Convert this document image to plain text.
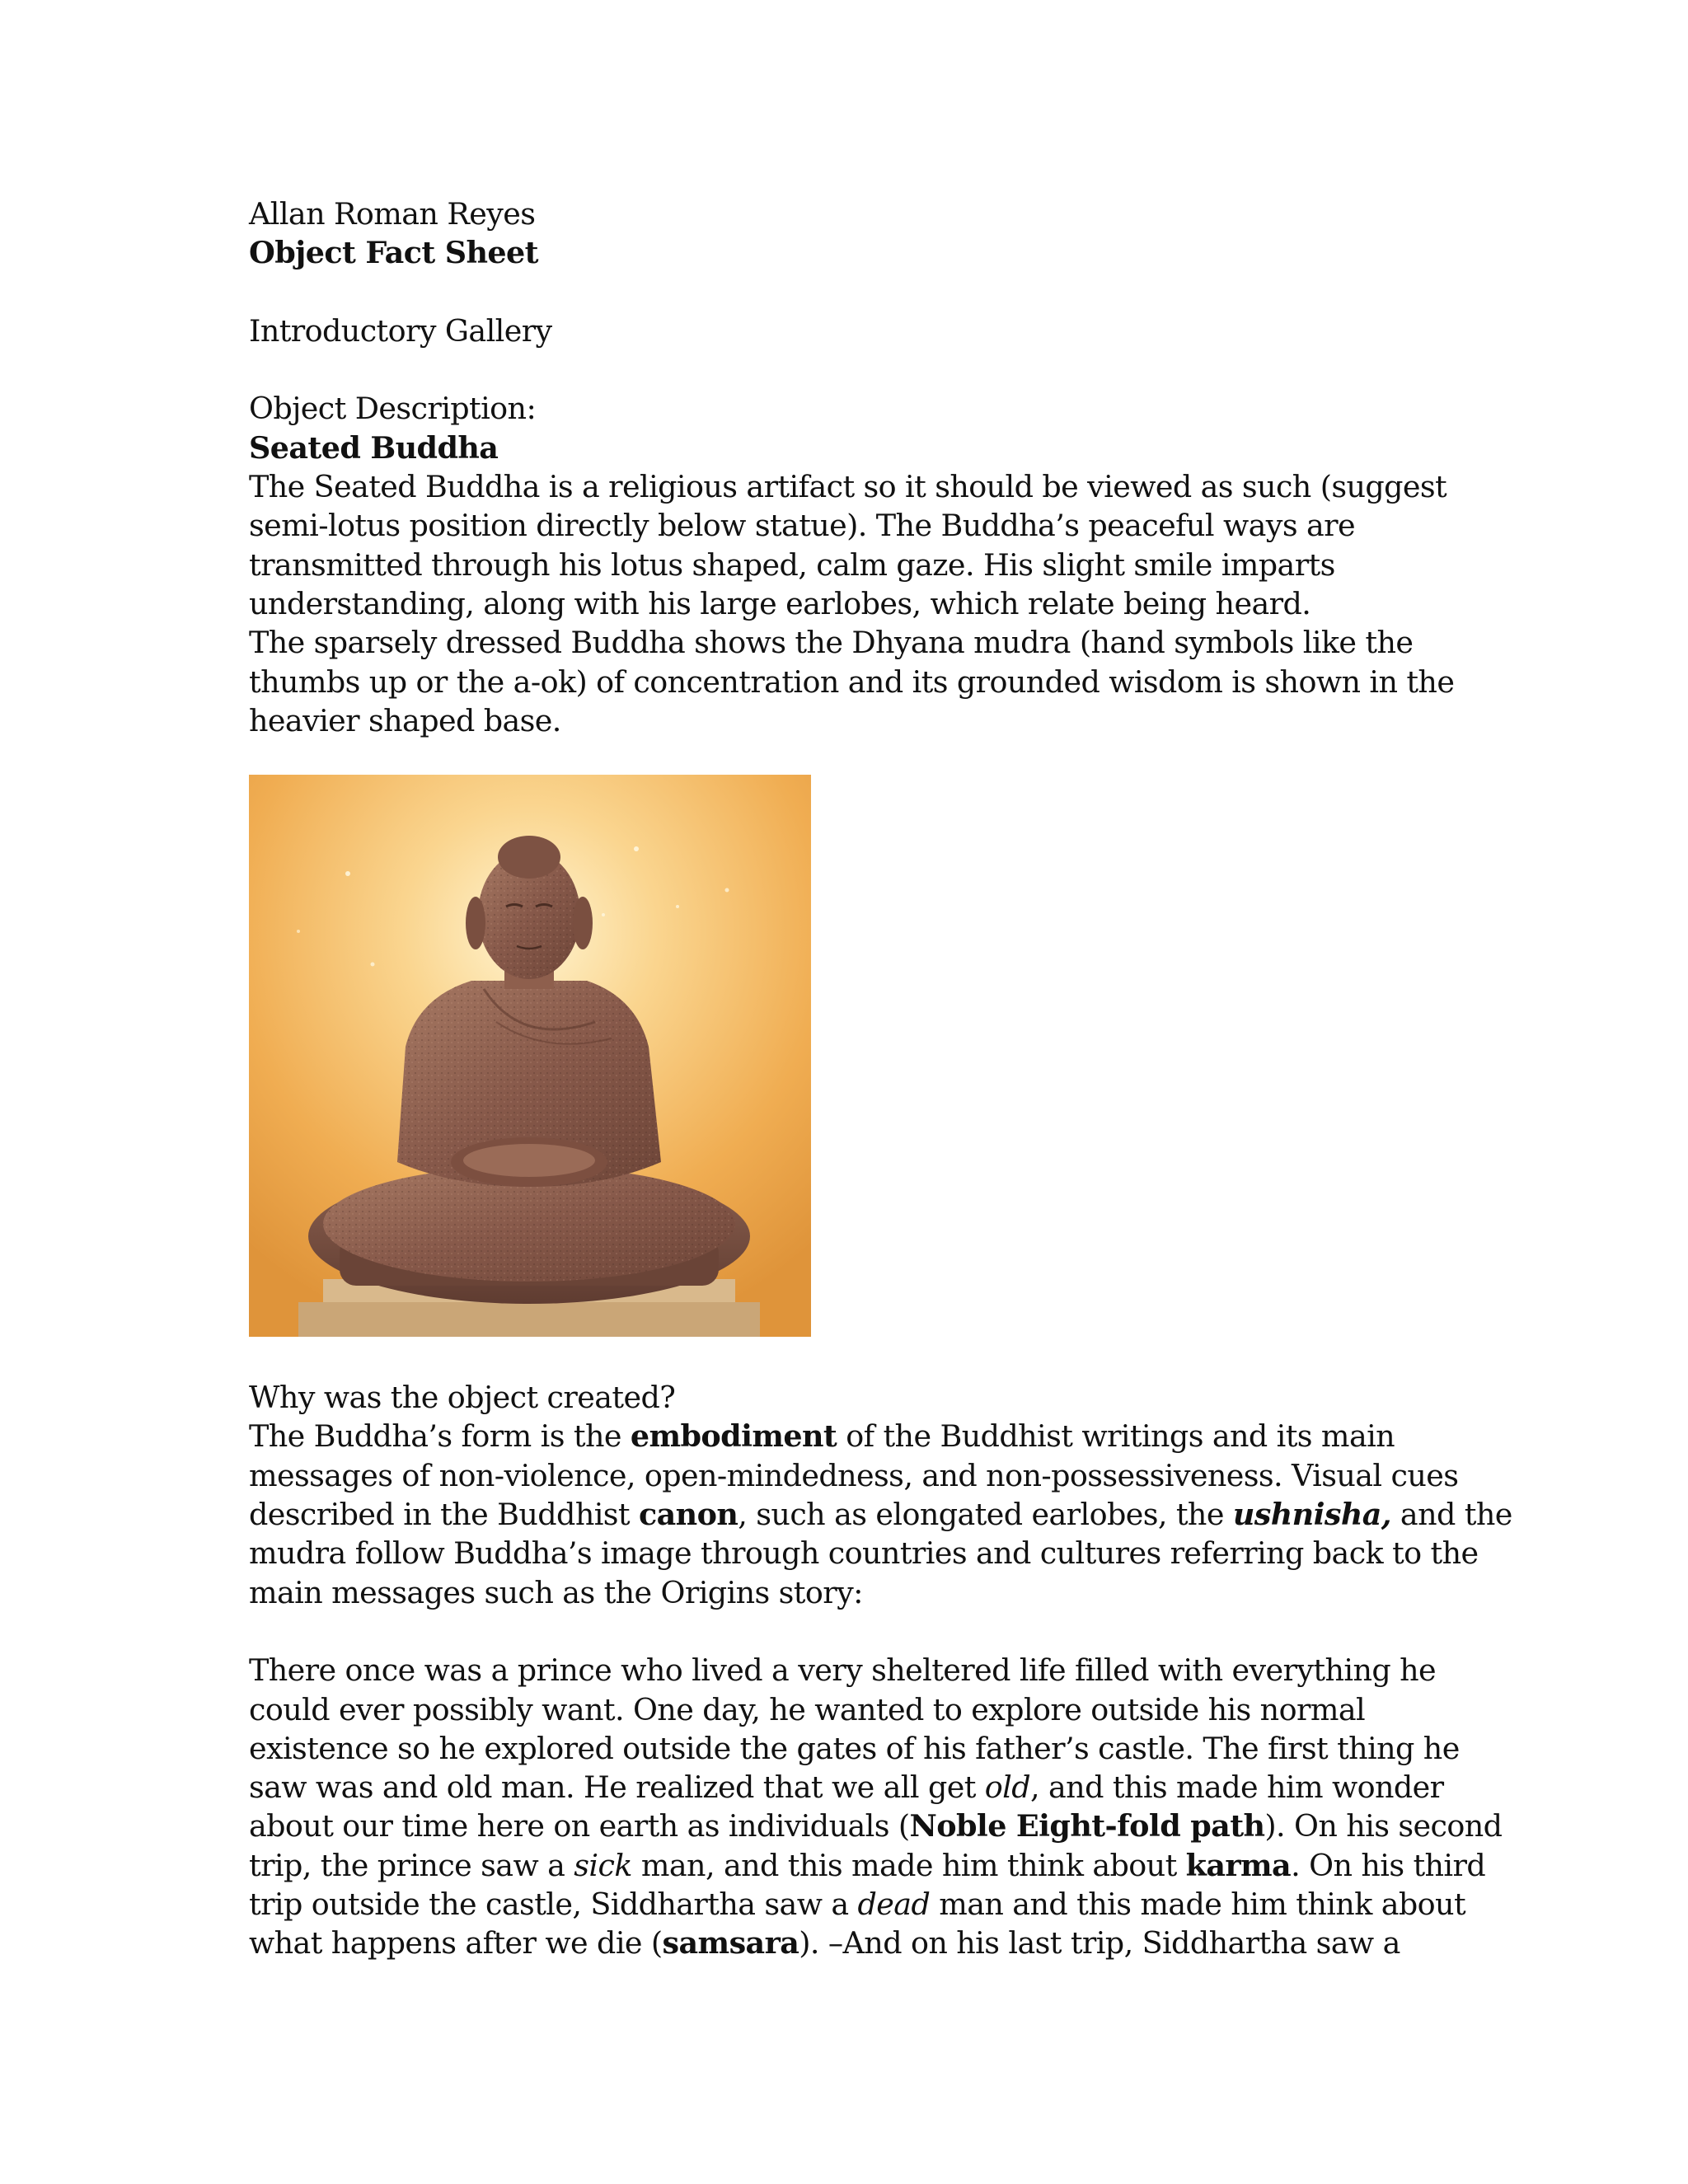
Allan Roman Reyes
Object Fact Sheet
Introductory Gallery
Object Description:
Seated Buddha
The Seated Buddha is a religious artifact so it should be viewed as such (suggest
semi-lotus position directly below statue). The Buddha’s peaceful ways are
transmitted through his lotus shaped, calm gaze. His slight smile imparts
understanding, along with his large earlobes, which relate being heard.
The sparsely dressed Buddha shows the Dhyana mudra (hand symbols like the
thumbs up or the a-ok) of concentration and its grounded wisdom is shown in the
heavier shaped base.
Why was the object created?
The Buddha’s form is the embodiment of the Buddhist writings and its main
messages of non-violence, open-mindedness, and non-possessiveness. Visual cues
described in the Buddhist canon, such as elongated earlobes, the ushnisha, and the
mudra follow Buddha’s image through countries and cultures referring back to the
main messages such as the Origins story:
There once was a prince who lived a very sheltered life filled with everything he
could ever possibly want. One day, he wanted to explore outside his normal
existence so he explored outside the gates of his father’s castle. The first thing he
saw was and old man. He realized that we all get old, and this made him wonder
about our time here on earth as individuals (Noble Eight-fold path). On his second
trip, the prince saw a sick man, and this made him think about karma. On his third
trip outside the castle, Siddhartha saw a dead man and this made him think about
what happens after we die (samsara). –And on his last trip, Siddhartha saw a
